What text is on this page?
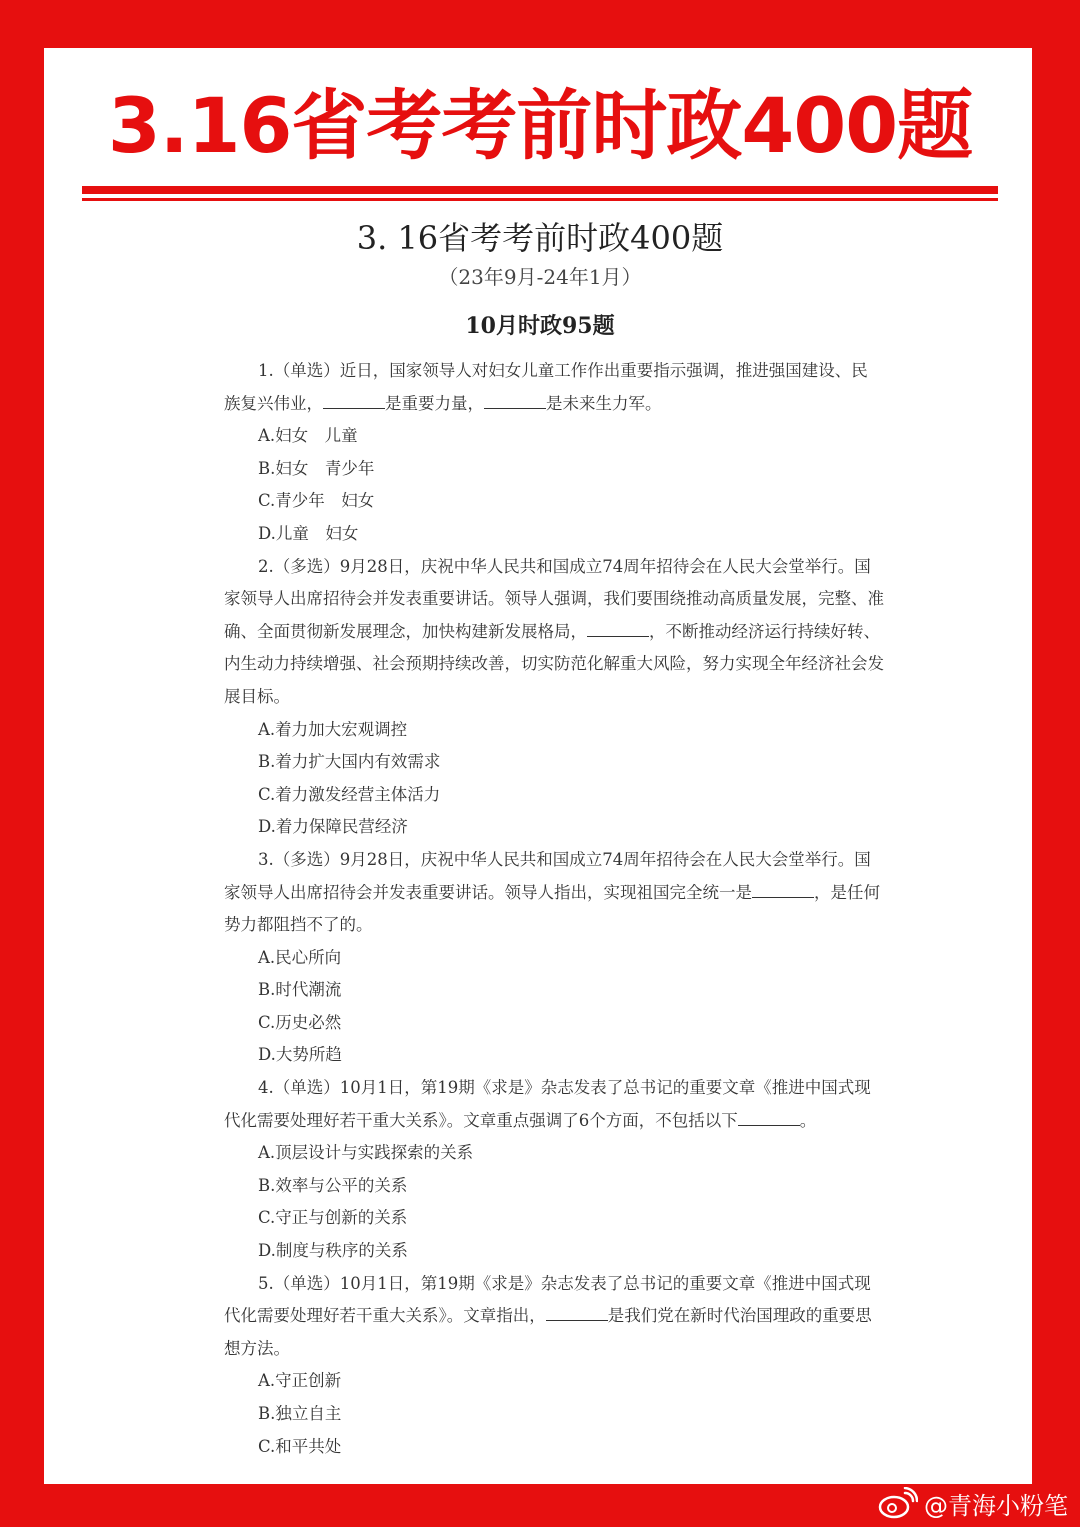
3.16省考考前时政400题
3. 16省考考前时政400题
（23年9月-24年1月）
10月时政95题

1.（单选）近日，国家领导人对妇女儿童工作作出重要指示强调，推进强国建设、民族复兴伟业，	是重要力量，	是未来生力军。

A.妇女　儿童

B.妇女　青少年

C.青少年　妇女

D.儿童　妇女

2.（多选）9月28日，庆祝中华人民共和国成立74周年招待会在人民大会堂举行。国家领导人出席招待会并发表重要讲话。领导人强调，我们要围绕推动高质量发展，完整、准确、全面贯彻新发展理念，加快构建新发展格局，	，不断推动经济运行持续好转、内生动力持续增强、社会预期持续改善，切实防范化解重大风险，努力实现全年经济社会发展目标。

A.着力加大宏观调控

B.着力扩大国内有效需求

C.着力激发经营主体活力

D.着力保障民营经济

3.（多选）9月28日，庆祝中华人民共和国成立74周年招待会在人民大会堂举行。国家领导人出席招待会并发表重要讲话。领导人指出，实现祖国完全统一是	，是任何势力都阻挡不了的。

A.民心所向

B.时代潮流

C.历史必然

D.大势所趋

4.（单选）10月1日，第19期《求是》杂志发表了总书记的重要文章《推进中国式现代化需要处理好若干重大关系》。文章重点强调了6个方面，不包括以下	。

A.顶层设计与实践探索的关系

B.效率与公平的关系

C.守正与创新的关系

D.制度与秩序的关系

5.（单选）10月1日，第19期《求是》杂志发表了总书记的重要文章《推进中国式现代化需要处理好若干重大关系》。文章指出，	是我们党在新时代治国理政的重要思想方法。

A.守正创新

B.独立自主

C.和平共处

@青海小粉笔
